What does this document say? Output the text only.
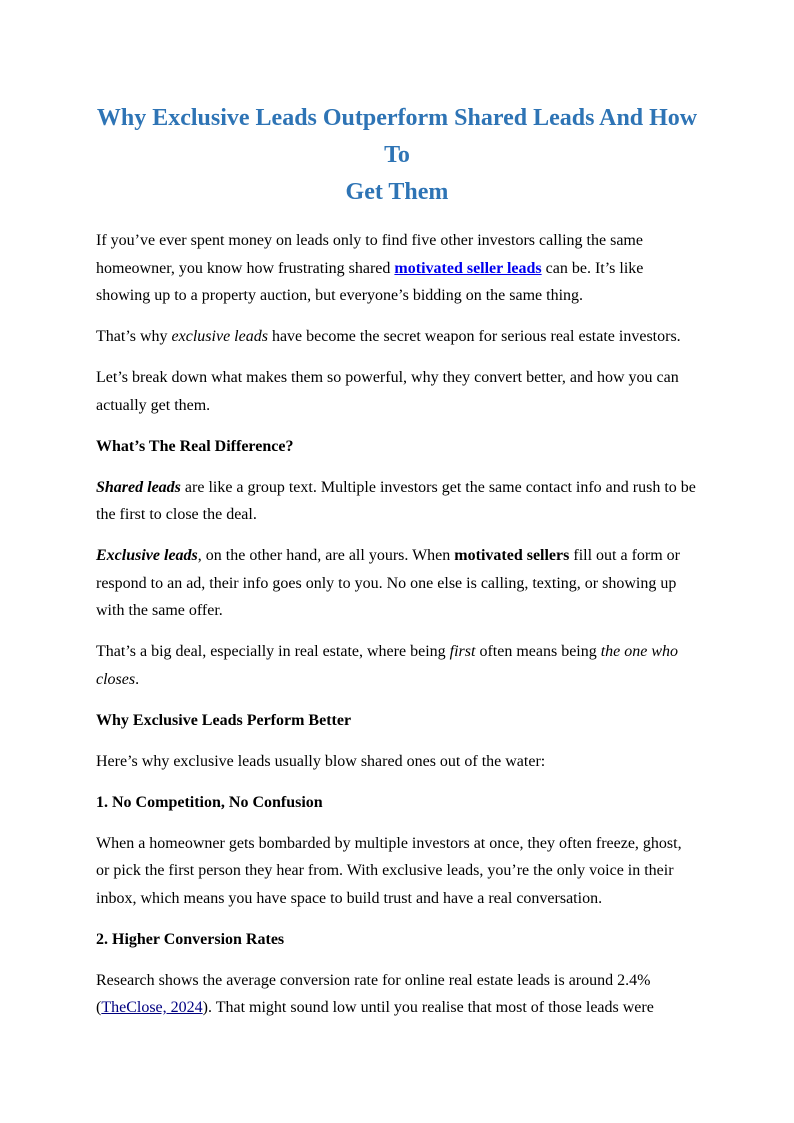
Why Exclusive Leads Outperform Shared Leads And How To
Get Them

If you’ve ever spent money on leads only to find five other investors calling the same homeowner, you know how frustrating shared motivated seller leads can be. It’s like showing up to a property auction, but everyone’s bidding on the same thing.

That’s why exclusive leads have become the secret weapon for serious real estate investors.

Let’s break down what makes them so powerful, why they convert better, and how you can actually get them.

What’s The Real Difference?

Shared leads are like a group text. Multiple investors get the same contact info and rush to be the first to close the deal.

Exclusive leads, on the other hand, are all yours. When motivated sellers fill out a form or respond to an ad, their info goes only to you. No one else is calling, texting, or showing up with the same offer.

That’s a big deal, especially in real estate, where being first often means being the one who closes.

Why Exclusive Leads Perform Better

Here’s why exclusive leads usually blow shared ones out of the water:

1. No Competition, No Confusion

When a homeowner gets bombarded by multiple investors at once, they often freeze, ghost, or pick the first person they hear from. With exclusive leads, you’re the only voice in their inbox, which means you have space to build trust and have a real conversation.

2. Higher Conversion Rates

Research shows the average conversion rate for online real estate leads is around 2.4% (TheClose, 2024). That might sound low until you realise that most of those leads were
